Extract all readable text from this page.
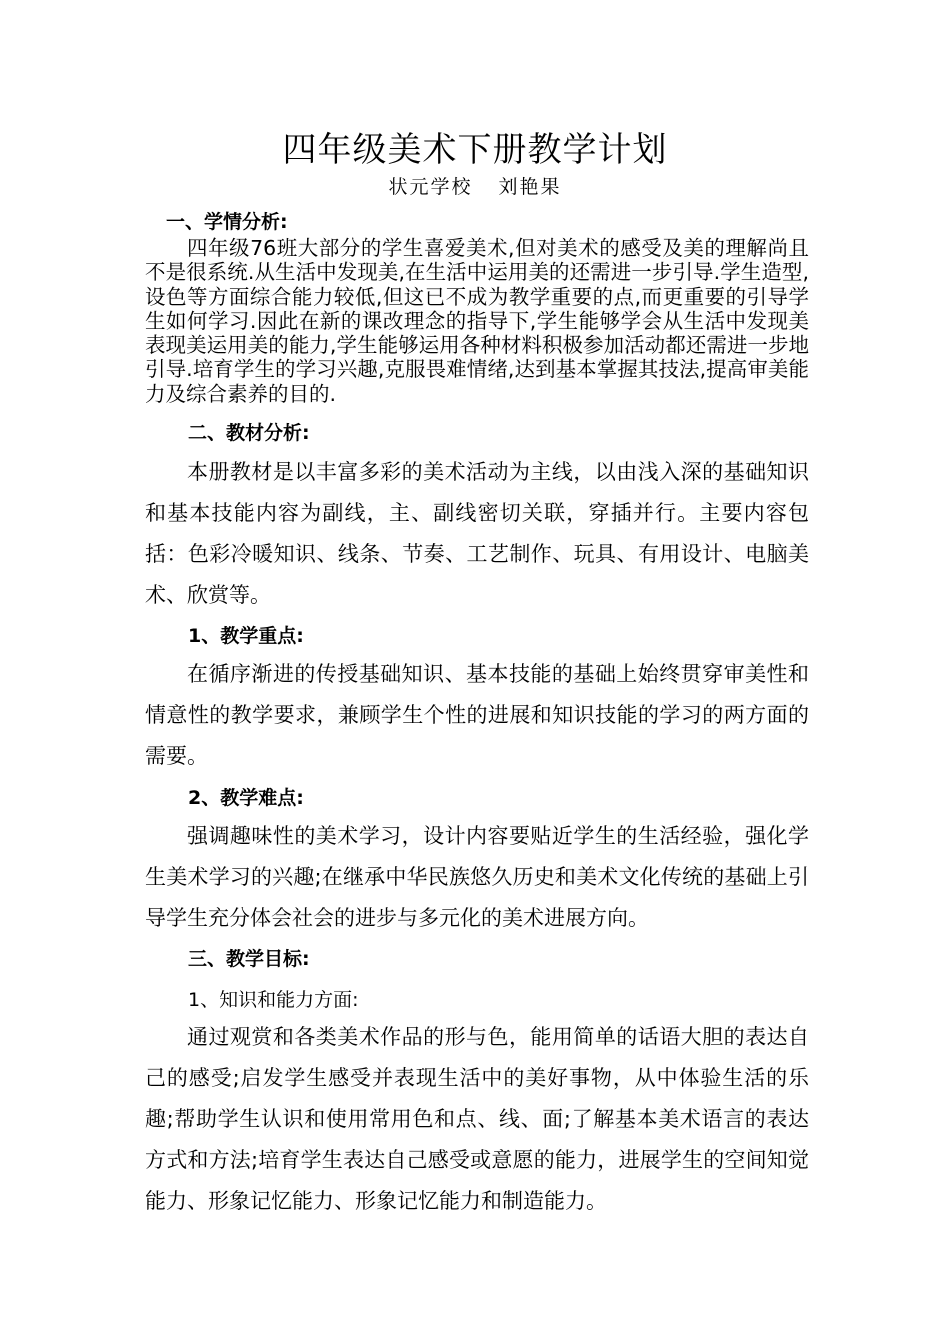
四年级美术下册教学计划
状元学校 刘艳果
一、学情分析:

四年级76班大部分的学生喜爱美术,但对美术的感受及美的理解尚且不是很系统.从生活中发现美,在生活中运用美的还需进一步引导.学生造型,设色等方面综合能力较低,但这已不成为教学重要的点,而更重要的引导学生如何学习.因此在新的课改理念的指导下,学生能够学会从生活中发现美表现美运用美的能力,学生能够运用各种材料积极参加活动都还需进一步地引导.培育学生的学习兴趣,克服畏难情绪,达到基本掌握其技法,提高审美能力及综合素养的目的.

二、教材分析:

本册教材是以丰富多彩的美术活动为主线，以由浅入深的基础知识和基本技能内容为副线，主、副线密切关联，穿插并行。主要内容包括：色彩冷暖知识、线条、节奏、工艺制作、玩具、有用设计、电脑美术、欣赏等。

1、教学重点:

在循序渐进的传授基础知识、基本技能的基础上始终贯穿审美性和情意性的教学要求，兼顾学生个性的进展和知识技能的学习的两方面的需要。

2、教学难点:

强调趣味性的美术学习，设计内容要贴近学生的生活经验，强化学生美术学习的兴趣;在继承中华民族悠久历史和美术文化传统的基础上引导学生充分体会社会的进步与多元化的美术进展方向。

三、教学目标:
1、知识和能力方面:

通过观赏和各类美术作品的形与色，能用简单的话语大胆的表达自己的感受;启发学生感受并表现生活中的美好事物，从中体验生活的乐趣;帮助学生认识和使用常用色和点、线、面;了解基本美术语言的表达方式和方法;培育学生表达自己感受或意愿的能力，进展学生的空间知觉能力、形象记忆能力、形象记忆能力和制造能力。
